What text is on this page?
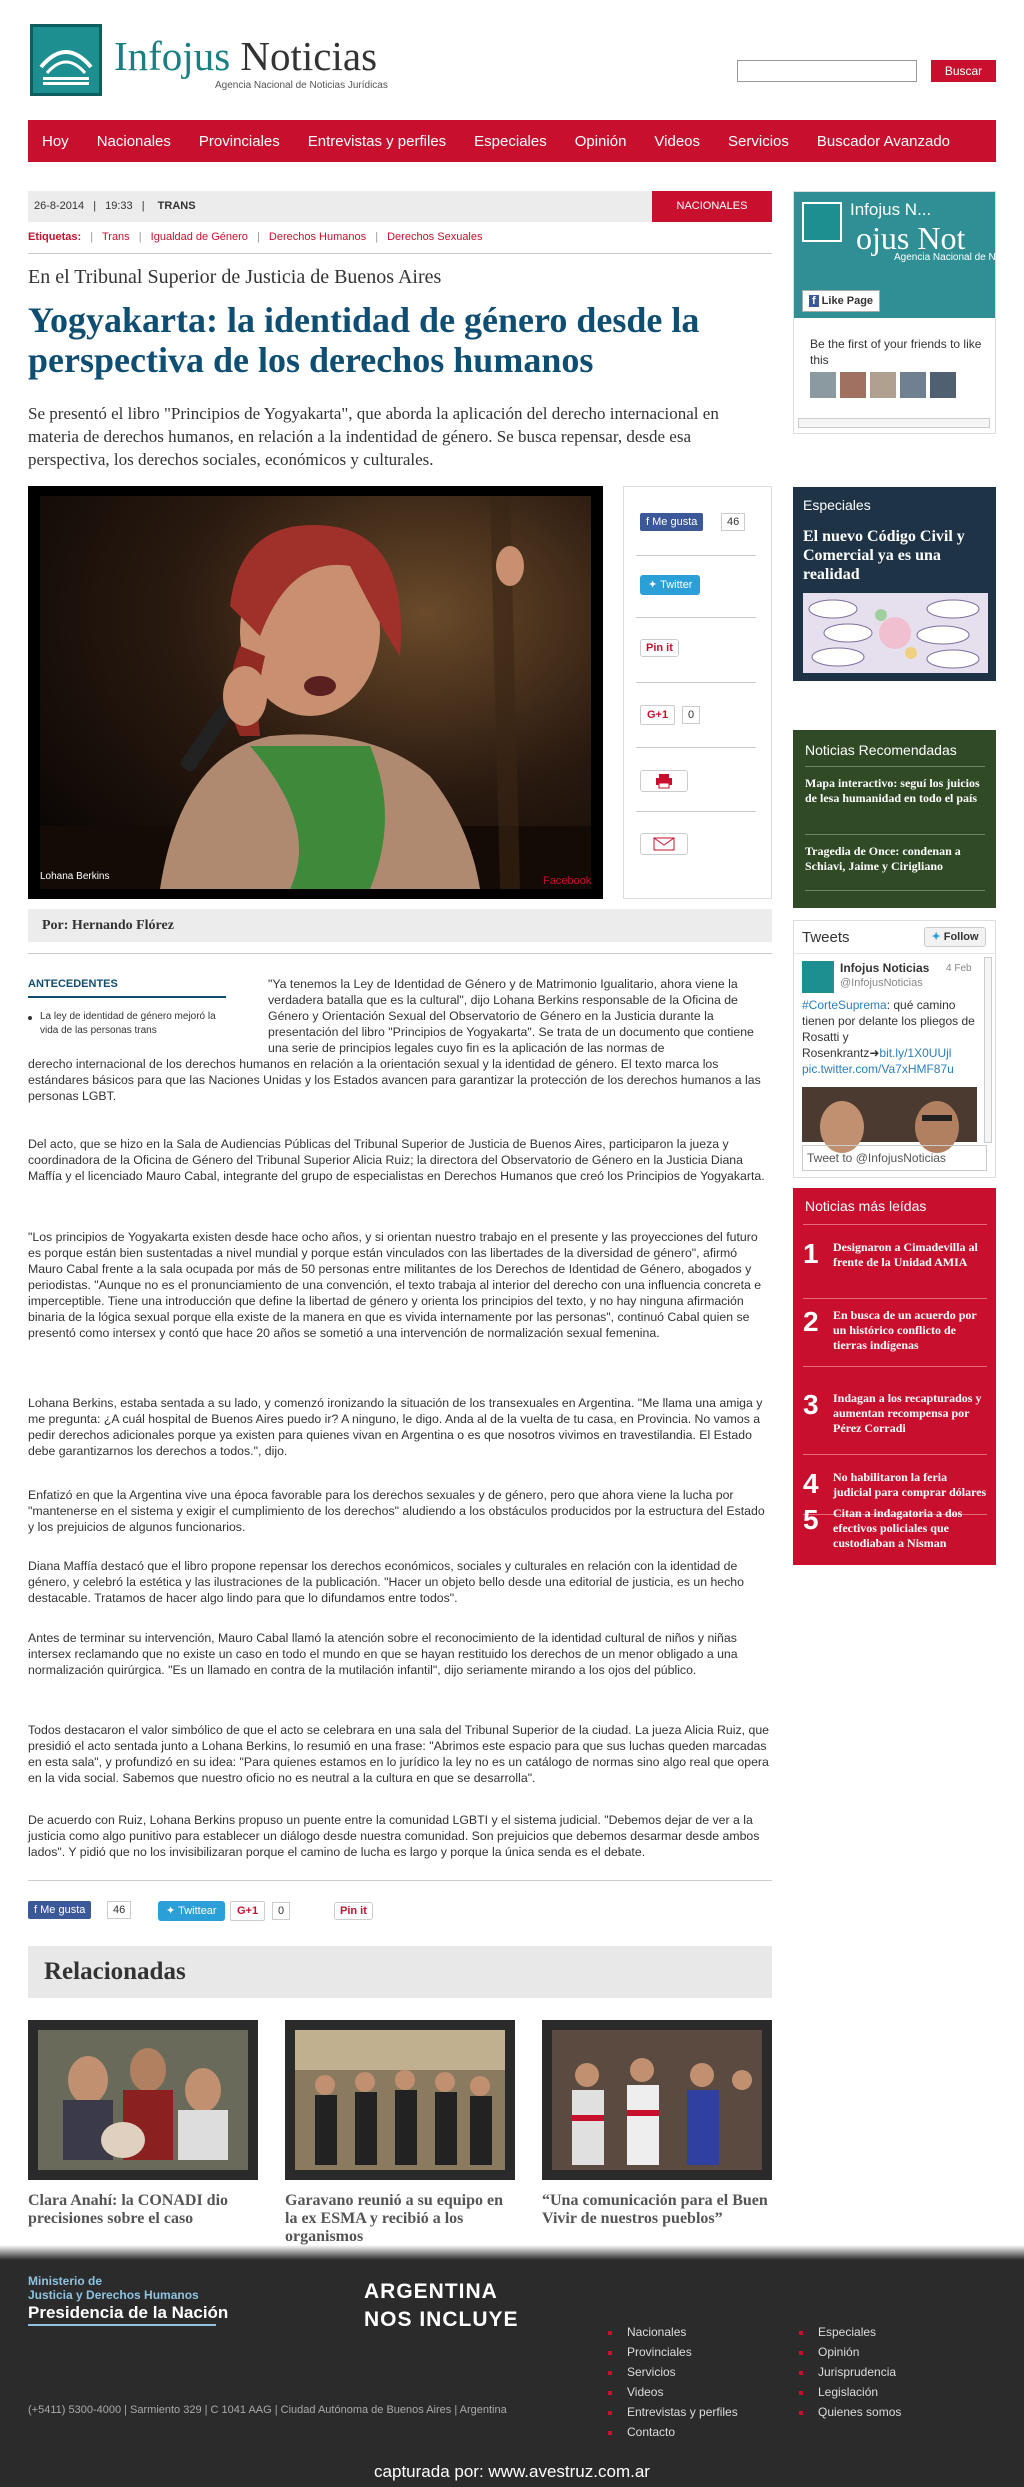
Infojus Noticias
Agencia Nacional de Noticias Jurídicas
Buscar
Hoy	Nacionales	Provinciales	Entrevistas y perfiles	Especiales	Opinión	Videos	Servicios	Buscador Avanzado
26-8-2014 | 19:33 | TRANS	NACIONALES
Etiquetas: | Trans | Igualdad de Género | Derechos Humanos | Derechos Sexuales
En el Tribunal Superior de Justicia de Buenos Aires
Yogyakarta: la identidad de género desde la perspectiva de los derechos humanos

Se presentó el libro "Principios de Yogyakarta", que aborda la aplicación del derecho internacional en materia de derechos humanos, en relación a la indentidad de género. Se busca repensar, desde esa perspectiva, los derechos sociales, económicos y culturales.

Lohana Berkins	Facebook
f Me gusta	46
✦ Twitter
Pin it
G+1	0
Por: Hernando Flórez
ANTECEDENTES
La ley de identidad de género mejoró la vida de las personas trans

"Ya tenemos la Ley de Identidad de Género y de Matrimonio Igualitario, ahora viene la verdadera batalla que es la cultural", dijo Lohana Berkins responsable de la Oficina de Género y Orientación Sexual del Observatorio de Género en la Justicia durante la presentación del libro "Principios de Yogyakarta". Se trata de un documento que contiene una serie de principios legales cuyo fin es la aplicación de las normas de

derecho internacional de los derechos humanos en relación a la orientación sexual y la identidad de género. El texto marca los estándares básicos para que las Naciones Unidas y los Estados avancen para garantizar la protección de los derechos humanos a las personas LGBT.

Del acto, que se hizo en la Sala de Audiencias Públicas del Tribunal Superior de Justicia de Buenos Aires, participaron la jueza y coordinadora de la Oficina de Género del Tribunal Superior Alicia Ruiz; la directora del Observatorio de Género en la Justicia Diana Maffía y el licenciado Mauro Cabal, integrante del grupo de especialistas en Derechos Humanos que creó los Principios de Yogyakarta.

"Los principios de Yogyakarta existen desde hace ocho años, y si orientan nuestro trabajo en el presente y las proyecciones del futuro es porque están bien sustentadas a nivel mundial y porque están vinculados con las libertades de la diversidad de género", afirmó Mauro Cabal frente a la sala ocupada por más de 50 personas entre militantes de los Derechos de Identidad de Género, abogados y periodistas. "Aunque no es el pronunciamiento de una convención, el texto trabaja al interior del derecho con una influencia concreta e imperceptible. Tiene una introducción que define la libertad de género y orienta los principios del texto, y no hay ninguna afirmación binaria de la lógica sexual porque ella existe de la manera en que es vivida internamente por las personas", continuó Cabal quien se presentó como intersex y contó que hace 20 años se sometió a una intervención de normalización sexual femenina.

Lohana Berkins, estaba sentada a su lado, y comenzó ironizando la situación de los transexuales en Argentina. "Me llama una amiga y me pregunta: ¿A cuál hospital de Buenos Aires puedo ir? A ninguno, le digo. Anda al de la vuelta de tu casa, en Provincia. No vamos a pedir derechos adicionales porque ya existen para quienes vivan en Argentina o es que nosotros vivimos en travestilandia. El Estado debe garantizarnos los derechos a todos.", dijo.

Enfatizó en que la Argentina vive una época favorable para los derechos sexuales y de género, pero que ahora viene la lucha por "mantenerse en el sistema y exigir el cumplimiento de los derechos" aludiendo a los obstáculos producidos por la estructura del Estado y los prejuicios de algunos funcionarios.

Diana Maffía destacó que el libro propone repensar los derechos económicos, sociales y culturales en relación con la identidad de género, y celebró la estética y las ilustraciones de la publicación. "Hacer un objeto bello desde una editorial de justicia, es un hecho destacable. Tratamos de hacer algo lindo para que lo difundamos entre todos".

Antes de terminar su intervención, Mauro Cabal llamó la atención sobre el reconocimiento de la identidad cultural de niños y niñas intersex reclamando que no existe un caso en todo el mundo en que se hayan restituido los derechos de un menor obligado a una normalización quirúrgica. "Es un llamado en contra de la mutilación infantil", dijo seriamente mirando a los ojos del público.

Todos destacaron el valor simbólico de que el acto se celebrara en una sala del Tribunal Superior de la ciudad. La jueza Alicia Ruiz, que presidió el acto sentada junto a Lohana Berkins, lo resumió en una frase: "Abrimos este espacio para que sus luchas queden marcadas en esta sala", y profundizó en su idea: "Para quienes estamos en lo jurídico la ley no es un catálogo de normas sino algo real que opera en la vida social. Sabemos que nuestro oficio no es neutral a la cultura en que se desarrolla".

De acuerdo con Ruiz, Lohana Berkins propuso un puente entre la comunidad LGBTI y el sistema judicial. "Debemos dejar de ver a la justicia como algo punitivo para establecer un diálogo desde nuestra comunidad. Son prejuicios que debemos desarmar desde ambos lados". Y pidió que no los invisibilizaran porque el camino de lucha es largo y porque la única senda es el debate.

f Me gusta	46	✦ Twittear	G+1	0	Pin it
Relacionadas
Clara Anahí: la CONADI dio precisiones sobre el caso
Garavano reunió a su equipo en la ex ESMA y recibió a los organismos
“Una comunicación para el Buen Vivir de nuestros pueblos”
Infojus N...
ojus Not
Agencia Nacional de Noti
f Like Page
Be the first of your friends to like this
Especiales
El nuevo Código Civil y Comercial ya es una realidad
Noticias Recomendadas
Mapa interactivo: seguí los juicios de lesa humanidad en todo el país
Tragedia de Once: condenan a Schiavi, Jaime y Cirigliano
Tweets	✦ Follow
Infojus Noticias
@InfojusNoticias
4 Feb
#CorteSuprema: qué camino tienen por delante los pliegos de Rosatti y Rosenkrantz➜bit.ly/1X0UUjl
pic.twitter.com/Va7xHMF87u
Tweet to @InfojusNoticias
Noticias más leídas
1 Designaron a Cimadevilla al frente de la Unidad AMIA
2 En busca de un acuerdo por un histórico conflicto de tierras indígenas
3 Indagan a los recapturados y aumentan recompensa por Pérez Corradi
4 No habilitaron la feria judicial para comprar dólares
5 Citan a indagatoria a dos efectivos policiales que custodiaban a Nisman
Ministerio de
Justicia y Derechos Humanos
Presidencia de la Nación
ARGENTINA
NOS INCLUYE
(+5411) 5300-4000 | Sarmiento 329 | C 1041 AAG | Ciudad Autónoma de Buenos Aires | Argentina
Nacionales
Provinciales
Servicios
Videos
Entrevistas y perfiles
Contacto
Especiales
Opinión
Jurisprudencia
Legislación
Quienes somos
capturada por: www.avestruz.com.ar
